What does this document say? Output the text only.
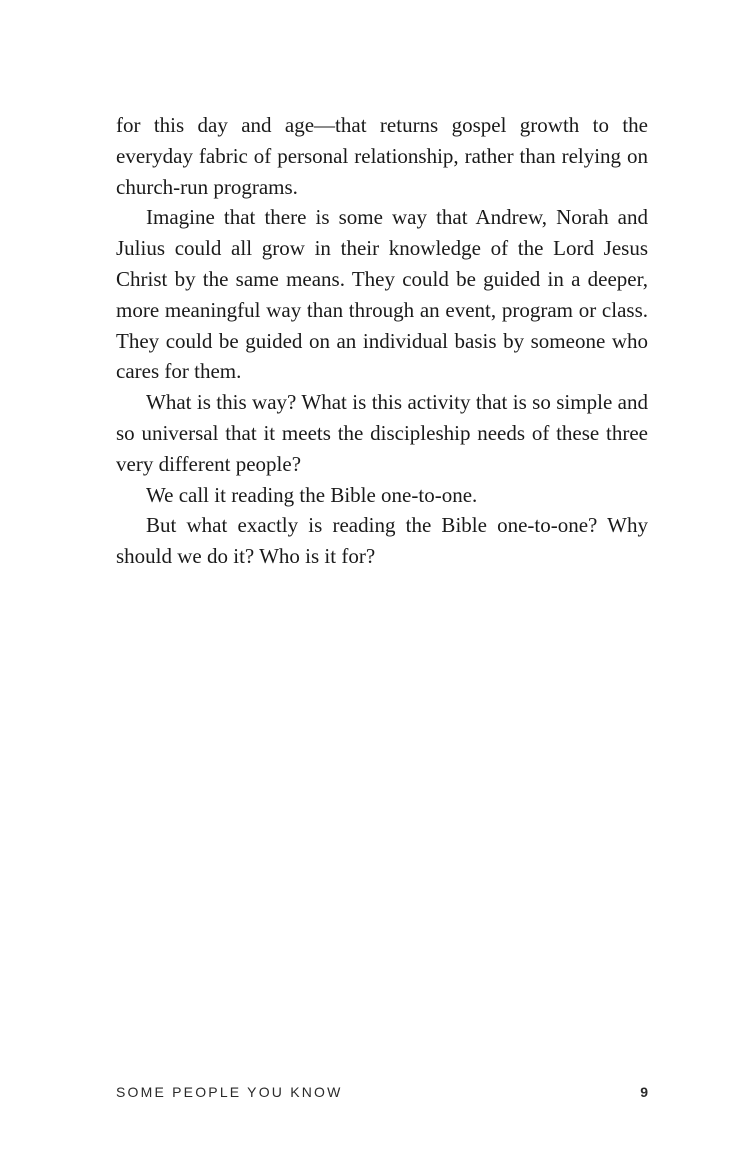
for this day and age—that returns gospel growth to the everyday fabric of personal relationship, rather than relying on church-run programs.

Imagine that there is some way that Andrew, Norah and Julius could all grow in their knowledge of the Lord Jesus Christ by the same means. They could be guided in a deeper, more meaningful way than through an event, program or class. They could be guided on an individual basis by someone who cares for them.

What is this way? What is this activity that is so simple and so universal that it meets the discipleship needs of these three very different people?

We call it reading the Bible one-to-one.

But what exactly is reading the Bible one-to-one? Why should we do it? Who is it for?

SOME PEOPLE YOU KNOW	9
